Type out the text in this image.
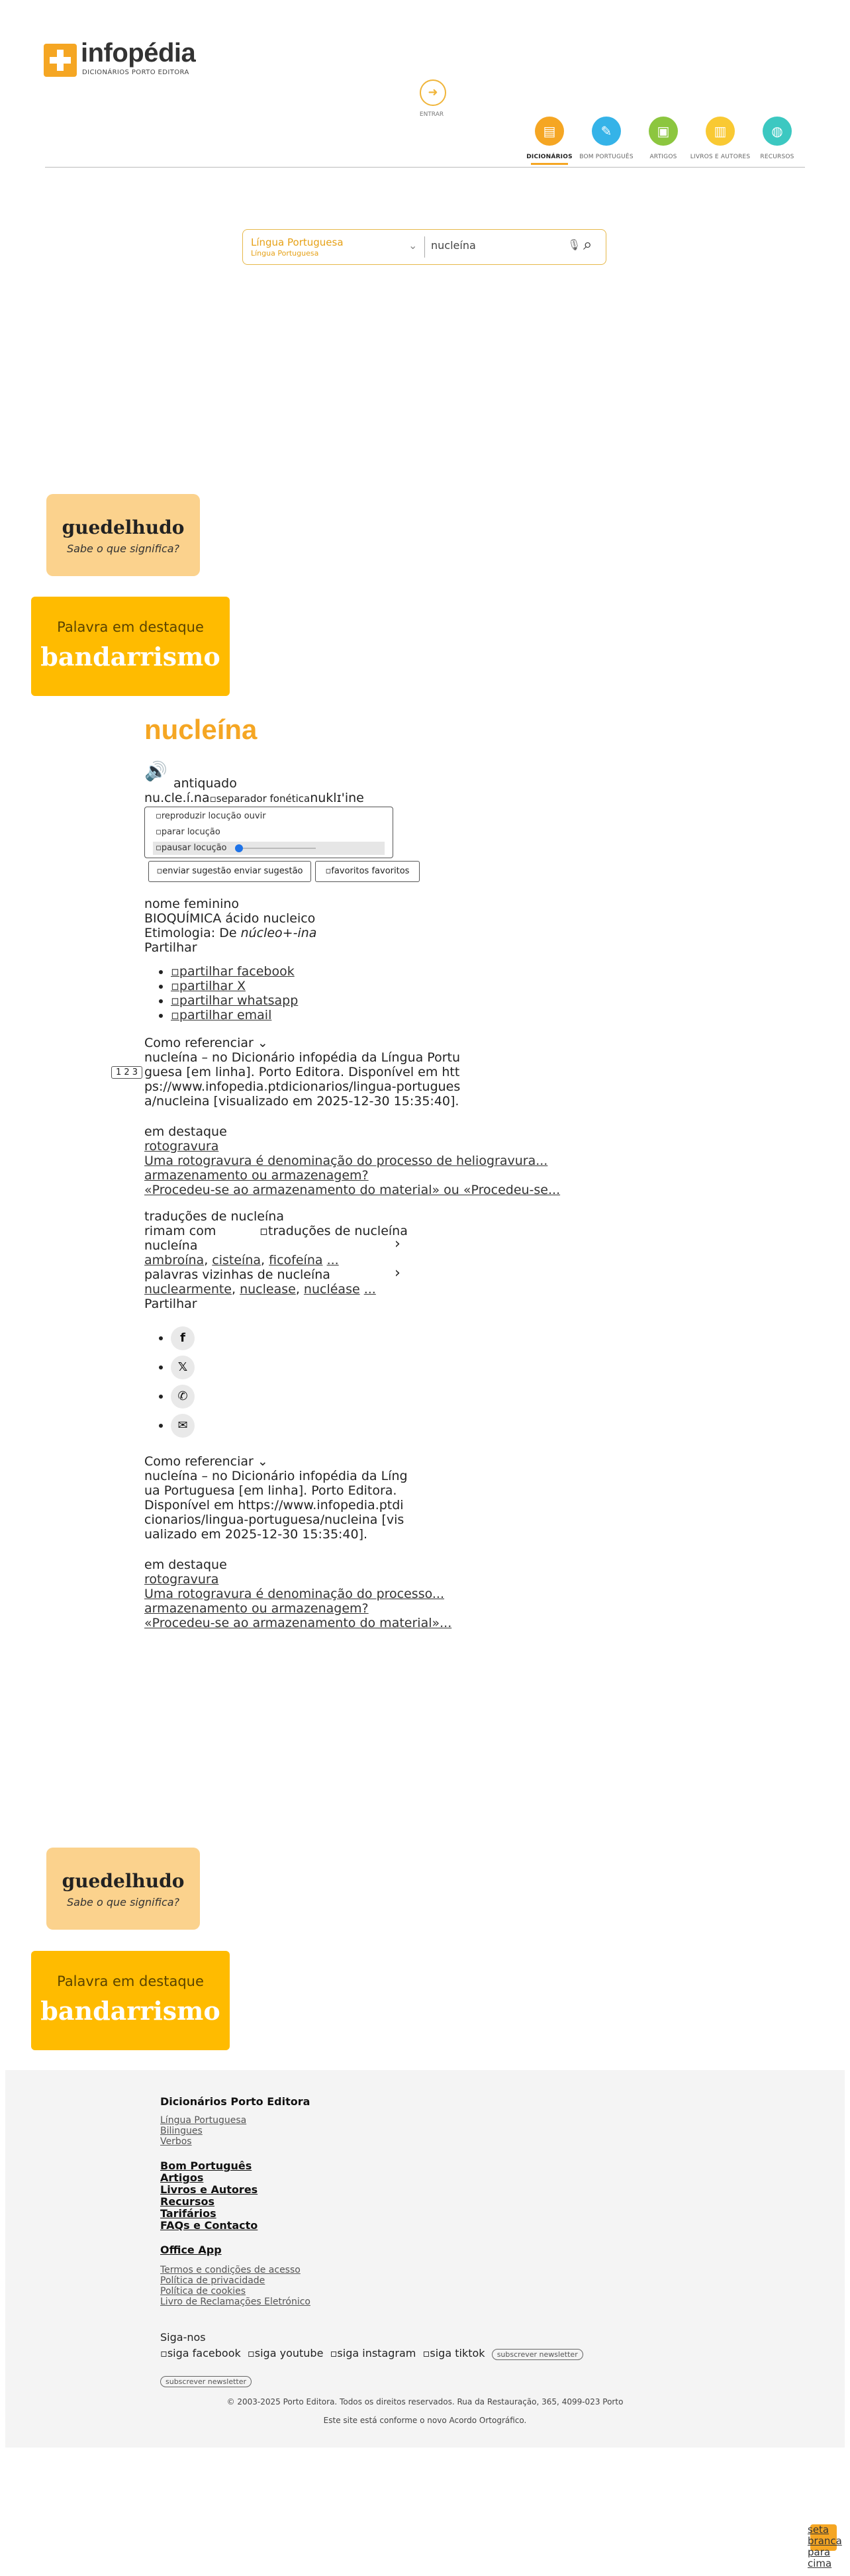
infopédia
DICIONÁRIOS PORTO EDITORA
➜
ENTRAR
▤
DICIONÁRIOS
✎
BOM PORTUGUÊS
▣
ARTIGOS
▥
LIVROS E AUTORES
◍
RECURSOS
Língua Portuguesa
Língua Portuguesa
⌄
nucleína	🎙 ⌕
guedelhudo
Sabe o que significa?
Palavra em destaque
bandarrismo
nucleína
🔊
antiquado
nu.cle.í.na▫separador fonéticanuklɪ'ine
▫reproduzir locução ouvir
▫parar locução
▫pausar locução
▫enviar sugestão enviar sugestão	▫favoritos favoritos
nome feminino
BIOQUÍMICA ácido nucleico
Etimologia: De núcleo+-ina
Partilhar
• ▫partilhar facebook
• ▫partilhar X
• ▫partilhar whatsapp
• ▫partilhar email
Como referenciar ⌄
1 2 3
nucleína – no Dicionário infopédia da Língua Portuguesa [em linha]. Porto Editora. Disponível em https://www.infopedia.ptdicionarios/lingua-portuguesa/nucleina [visualizado em 2025-12-30 15:35:40].
em destaque
rotogravura
Uma rotogravura é denominação do processo de heliogravura...
armazenamento ou armazenagem?
«Procedeu-se ao armazenamento do material» ou «Procedeu-se...
traduções de nucleína
rimam com	▫traduções de nucleína
nucleína	›
ambroína, cisteína, ficofeína ...
palavras vizinhas de nucleína	›
nuclearmente, nuclease, nucléase ...
Partilhar
• f
• 𝕏
• ✆
• ✉
Como referenciar ⌄
nucleína – no Dicionário infopédia da Língua Portuguesa [em linha]. Porto Editora. Disponível em https://www.infopedia.ptdicionarios/lingua-portuguesa/nucleina [visualizado em 2025-12-30 15:35:40].
em destaque
rotogravura
Uma rotogravura é denominação do processo...
armazenamento ou armazenagem?
«Procedeu-se ao armazenamento do material»...
guedelhudo
Sabe o que significa?
Palavra em destaque
bandarrismo
Dicionários Porto Editora
Língua Portuguesa
Bilingues
Verbos
Bom Português
Artigos
Livros e Autores
Recursos
Tarifários
FAQs e Contacto
Office App
Termos e condições de acesso
Política de privacidade
Política de cookies
Livro de Reclamações Eletrónico
Siga-nos
▫siga facebook ▫siga youtube ▫siga instagram ▫siga tiktok subscrever newsletter
subscrever newsletter
© 2003-2025 Porto Editora. Todos os direitos reservados. Rua da Restauração, 365, 4099-023 Porto
Este site está conforme o novo Acordo Ortográfico.
seta branca para cima
